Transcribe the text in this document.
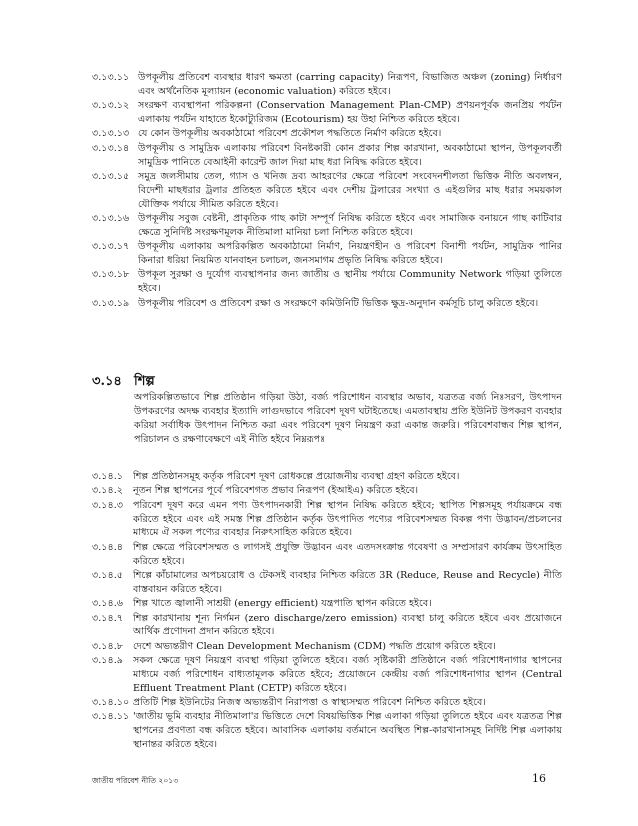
৩.১৩.১১ উপকূলীয় প্রতিবেশ ব্যবস্থার ধারণ ক্ষমতা (carring capacity) নিরূপণ, বিভাজিত অঞ্চল (zoning) নির্ধারণ এবং অর্থনৈতিক মূল্যায়ন (economic valuation) করিতে হইবে।
৩.১৩.১২ সংরক্ষণ ব্যবস্থাপনা পরিকল্পনা (Conservation Management Plan-CMP) প্রণয়নপূর্বক জনপ্রিয় পর্যটন এলাকায় পর্যটন যাহাতে ইকোট্যুরিজম (Ecotourism) হয় উহা নিশ্চিত করিতে হইবে।
৩.১৩.১৩ যে কোন উপকূলীয় অবকাঠামো পরিবেশ প্রকৌশল পদ্ধতিতে নির্মাণ করিতে হইবে।
৩.১৩.১৪ উপকূলীয় ও সামুদ্রিক এলাকায় পরিবেশ বিনষ্টকারী কোন প্রকার শিল্প কারখানা, অবকাঠামো স্থাপন, উপকূলবর্তী সামুদ্রিক পানিতে বেআইনী কারেন্ট জাল দিয়া মাছ ধরা নিষিদ্ধ করিতে হইবে।
৩.১৩.১৫ সমুদ্র জলসীমায় তেল, গ্যাস ও খনিজ দ্রব্য আহরণের ক্ষেত্রে পরিবেশ সংবেদনশীলতা ভিত্তিক নীতি অবলম্বন, বিদেশী মাছধরার ট্রলার প্রতিহত করিতে হইবে এবং দেশীয় ট্রলারের সংখ্যা ও এইগুলির মাছ ধরার সময়কাল যৌক্তিক পর্যায়ে সীমিত করিতে হইবে।
৩.১৩.১৬ উপকূলীয় সবুজ বেষ্টনী, প্রাকৃতিক গাছ কাটা সম্পূর্ণ নিষিদ্ধ করিতে হইবে এবং সামাজিক বনায়নে গাছ কাটিবার ক্ষেত্রে সুনির্দিষ্ট সংরক্ষণমূলক নীতিমালা মানিয়া চলা নিশ্চিত করিতে হইবে।
৩.১৩.১৭ উপকূলীয় এলাকায় অপরিকল্পিত অবকাঠামো নির্মাণ, নিয়ন্ত্রণহীন ও পরিবেশ বিনাশী পর্যটন, সামুদ্রিক পানির কিনারা ধরিয়া নিয়মিত যানবাহন চলাচল, জনসমাগম প্রভৃতি নিষিদ্ধ করিতে হইবে।
৩.১৩.১৮ উপকূল সুরক্ষা ও দুর্যোগ ব্যবস্থাপনার জন্য জাতীয় ও স্থানীয় পর্যায়ে Community Network গড়িয়া তুলিতে হইবে।
৩.১৩.১৯ উপকূলীয় পরিবেশ ও প্রতিবেশ রক্ষা ও সংরক্ষণে কমিউনিটি ভিত্তিক ক্ষুদ্র-অনুদান কর্মসূচি চালু করিতে হইবে।
৩.১৪ শিল্প
অপরিকল্পিতভাবে শিল্প প্রতিষ্ঠান গড়িয়া উঠা, বর্জ্য পরিশোধন ব্যবস্থার অভাব, যত্রতত্র বর্জ্য নিঃসরণ, উৎপাদন উপকরণের অদক্ষ ব্যবহার ইত্যাদি লাগুদভাবে পরিবেশ দূষণ ঘটাইতেছে। এমতাবস্থায় প্রতি ইউনিট উপকরণ ব্যবহার করিয়া সর্বাধিক উৎপাদন নিশ্চিত করা এবং পরিবেশ দূষণ নিয়ন্ত্রণ করা একান্ত জরুরি। পরিবেশবান্ধব শিল্প স্থাপন, পরিচালন ও রক্ষণাবেক্ষণে এই নীতি হইবে নিম্নরূপঃ
৩.১৪.১	শিল্প প্রতিষ্ঠানসমূহ কর্তৃক পরিবেশ দূষণ রোধকল্পে প্রয়োজনীয় ব্যবস্থা গ্রহণ করিতে হইবে।
৩.১৪.২	নূতন শিল্প স্থাপনের পূর্বে পরিবেশগত প্রভাব নিরূপণ (ইআইএ) করিতে হইবে।
৩.১৪.৩	পরিবেশ দূষণ করে এমন পণ্য উৎপাদনকারী শিল্প স্থাপন নিষিদ্ধ করিতে হইবে; স্থাপিত শিল্পসমূহ পর্যায়ক্রমে বন্ধ করিতে হইবে এবং এই সমস্ত শিল্প প্রতিষ্ঠান কর্তৃক উৎপাদিত পণ্যের পরিবেশসম্মত বিকল্প পণ্য উদ্ভাবন/প্রচলনের মাধ্যমে ঐ সকল পণ্যের ব্যবহার নিরুৎসাহিত করিতে হইবে।
৩.১৪.৪	শিল্প ক্ষেত্রে পরিবেশসম্মত ও লাগসই প্রযুক্তি উদ্ভাবন এবং এতদসংক্রান্ত গবেষণা ও সম্প্রসারণ কার্যক্রম উৎসাহিত করিতে হইবে।
৩.১৪.৫	শিল্পে কাঁচামালের অপচয়রোধ ও টেকসই ব্যবহার নিশ্চিত করিতে 3R (Reduce, Reuse and Recycle) নীতি বাস্তবায়ন করিতে হইবে।
৩.১৪.৬	শিল্প খাতে জ্বালানী সাশ্রয়ী (energy efficient) যন্ত্রপাতি স্থাপন করিতে হইবে।
৩.১৪.৭	শিল্প কারখানায় শূন্য নির্গমন (zero discharge/zero emission) ব্যবস্থা চালু করিতে হইবে এবং প্রয়োজনে আর্থিক প্রণোদনা প্রদান করিতে হইবে।
৩.১৪.৮	দেশে অভ্যন্তরীণ Clean Development Mechanism (CDM) পদ্ধতি প্রয়োগ করিতে হইবে।
৩.১৪.৯	সকল ক্ষেত্রে দূষণ নিয়ন্ত্রণ ব্যবস্থা গড়িয়া তুলিতে হইবে। বর্জ্য সৃষ্টিকারী প্রতিষ্ঠানে বর্জ্য পরিশোধনাগার স্থাপনের মাধ্যমে বর্জ্য পরিশোধন বাধ্যতামূলক করিতে হইবে; প্রয়োজনে কেন্দ্রীয় বর্জ্য পরিশোধনাগার স্থাপন (Central Effluent Treatment Plant (CETP) করিতে হইবে।
৩.১৪.১০ প্রতিটি শিল্প ইউনিটের নিজস্ব অভ্যন্তরীণ নিরাপত্তা ও স্বাস্থ্যসম্মত পরিবেশ নিশ্চিত করিতে হইবে।
৩.১৪.১১ 'জাতীয় ভূমি ব্যবহার নীতিমালা'র ভিত্তিতে দেশে বিষয়ভিত্তিক শিল্প এলাকা গড়িয়া তুলিতে হইবে এবং যত্রতত্র শিল্প স্থাপনের প্রবণতা বন্ধ করিতে হইবে। আবাসিক এলাকায় বর্তমানে অবস্থিত শিল্প-কারখানাসমূহ নির্দিষ্ট শিল্প এলাকায় স্থানান্তর করিতে হইবে।
জাতীয় পরিবেশ নীতি ২০১৩	16
